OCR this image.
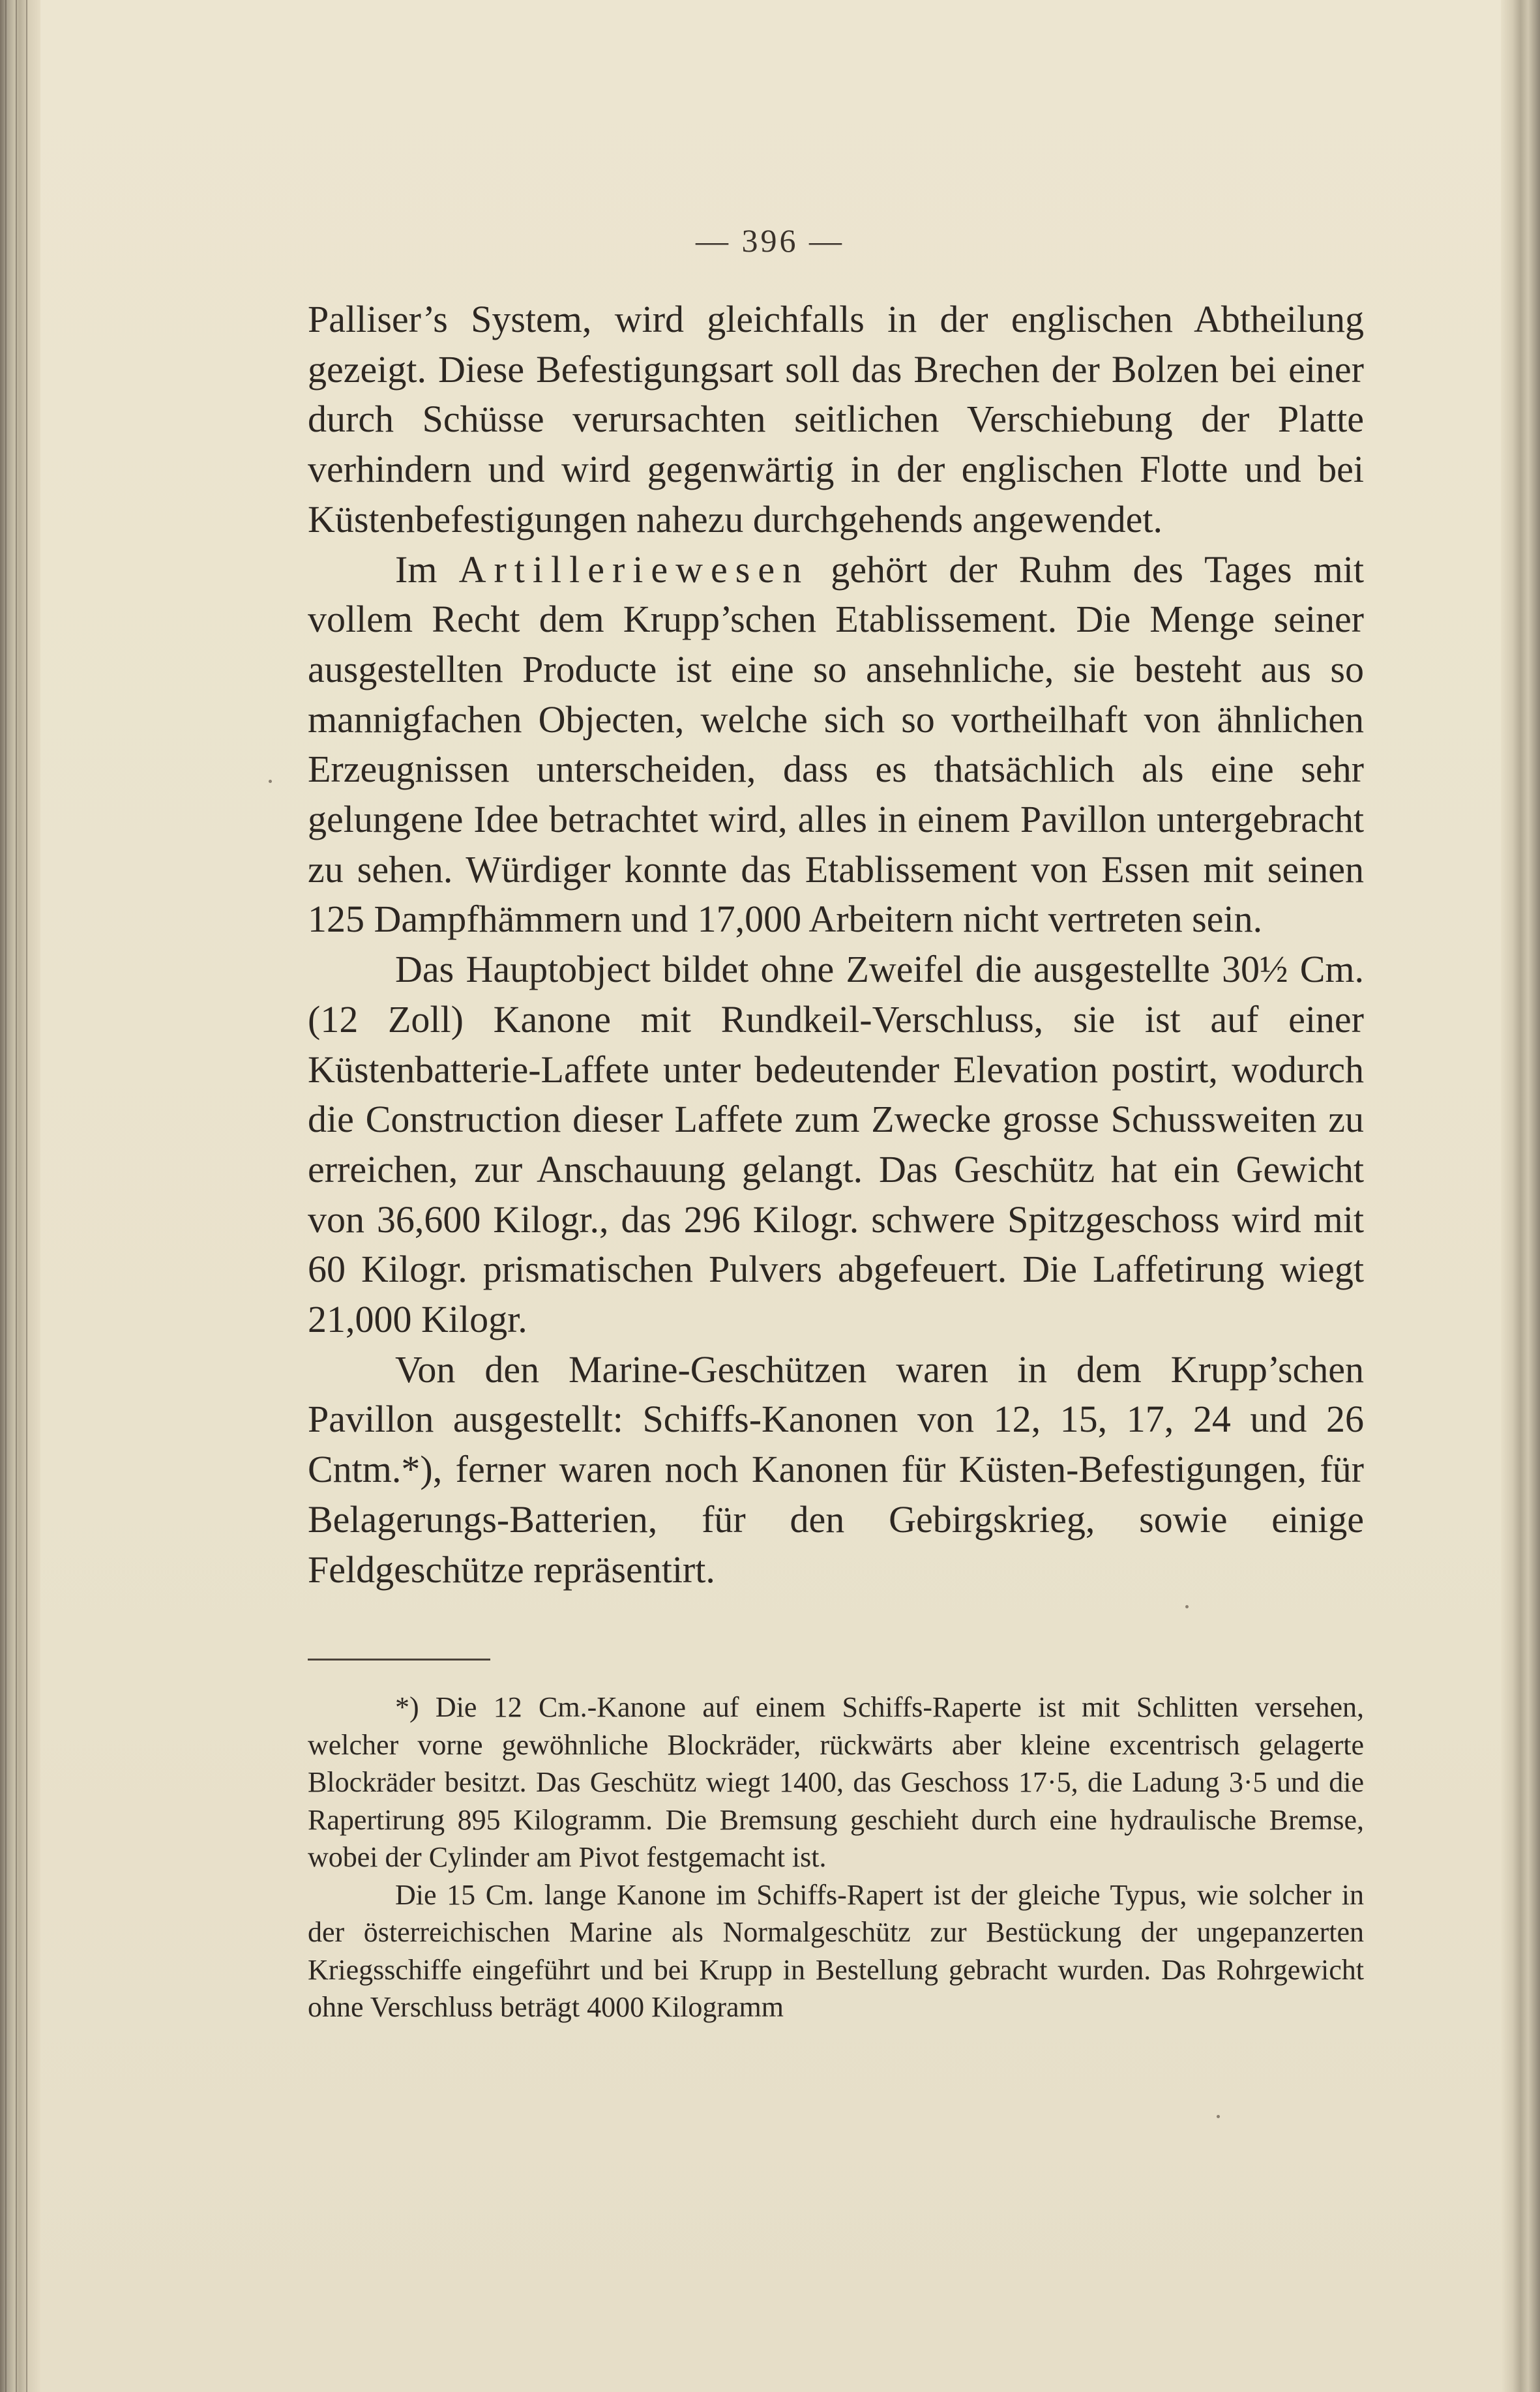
— 396 —

Palliser’s System, wird gleichfalls in der englischen Abtheilung gezeigt. Diese Befestigungsart soll das Brechen der Bolzen bei einer durch Schüsse verursachten seitlichen Verschiebung der Platte verhindern und wird gegenwärtig in der englischen Flotte und bei Küstenbefestigungen nahezu durchgehends angewendet.

Im Artilleriewesen gehört der Ruhm des Tages mit vollem Recht dem Krupp’schen Etablissement. Die Menge seiner ausgestellten Producte ist eine so ansehnliche, sie besteht aus so mannigfachen Objecten, welche sich so vortheilhaft von ähnlichen Erzeugnissen unterscheiden, dass es thatsächlich als eine sehr gelungene Idee betrachtet wird, alles in einem Pavillon untergebracht zu sehen. Würdiger konnte das Etablissement von Essen mit seinen 125 Dampfhämmern und 17,000 Arbeitern nicht vertreten sein.

Das Hauptobject bildet ohne Zweifel die ausgestellte 30½ Cm. (12 Zoll) Kanone mit Rundkeil-Verschluss, sie ist auf einer Küstenbatterie-Laffete unter bedeutender Elevation postirt, wodurch die Construction dieser Laffete zum Zwecke grosse Schussweiten zu erreichen, zur Anschauung gelangt. Das Geschütz hat ein Gewicht von 36,600 Kilogr., das 296 Kilogr. schwere Spitzgeschoss wird mit 60 Kilogr. prismatischen Pulvers abgefeuert. Die Laffetirung wiegt 21,000 Kilogr.

Von den Marine-Geschützen waren in dem Krupp’schen Pavillon ausgestellt: Schiffs-Kanonen von 12, 15, 17, 24 und 26 Cntm.*), ferner waren noch Kanonen für Küsten-Befestigungen, für Belagerungs-Batterien, für den Gebirgskrieg, sowie einige Feldgeschütze repräsentirt.

*) Die 12 Cm.-Kanone auf einem Schiffs-Raperte ist mit Schlitten versehen, welcher vorne gewöhnliche Blockräder, rückwärts aber kleine excentrisch gelagerte Blockräder besitzt. Das Geschütz wiegt 1400, das Geschoss 17·5, die Ladung 3·5 und die Rapertirung 895 Kilogramm. Die Bremsung geschieht durch eine hydraulische Bremse, wobei der Cylinder am Pivot festgemacht ist.

Die 15 Cm. lange Kanone im Schiffs-Rapert ist der gleiche Typus, wie solcher in der österreichischen Marine als Normalgeschütz zur Bestückung der ungepanzerten Kriegsschiffe eingeführt und bei Krupp in Bestellung gebracht wurden. Das Rohrgewicht ohne Verschluss beträgt 4000 Kilogramm
